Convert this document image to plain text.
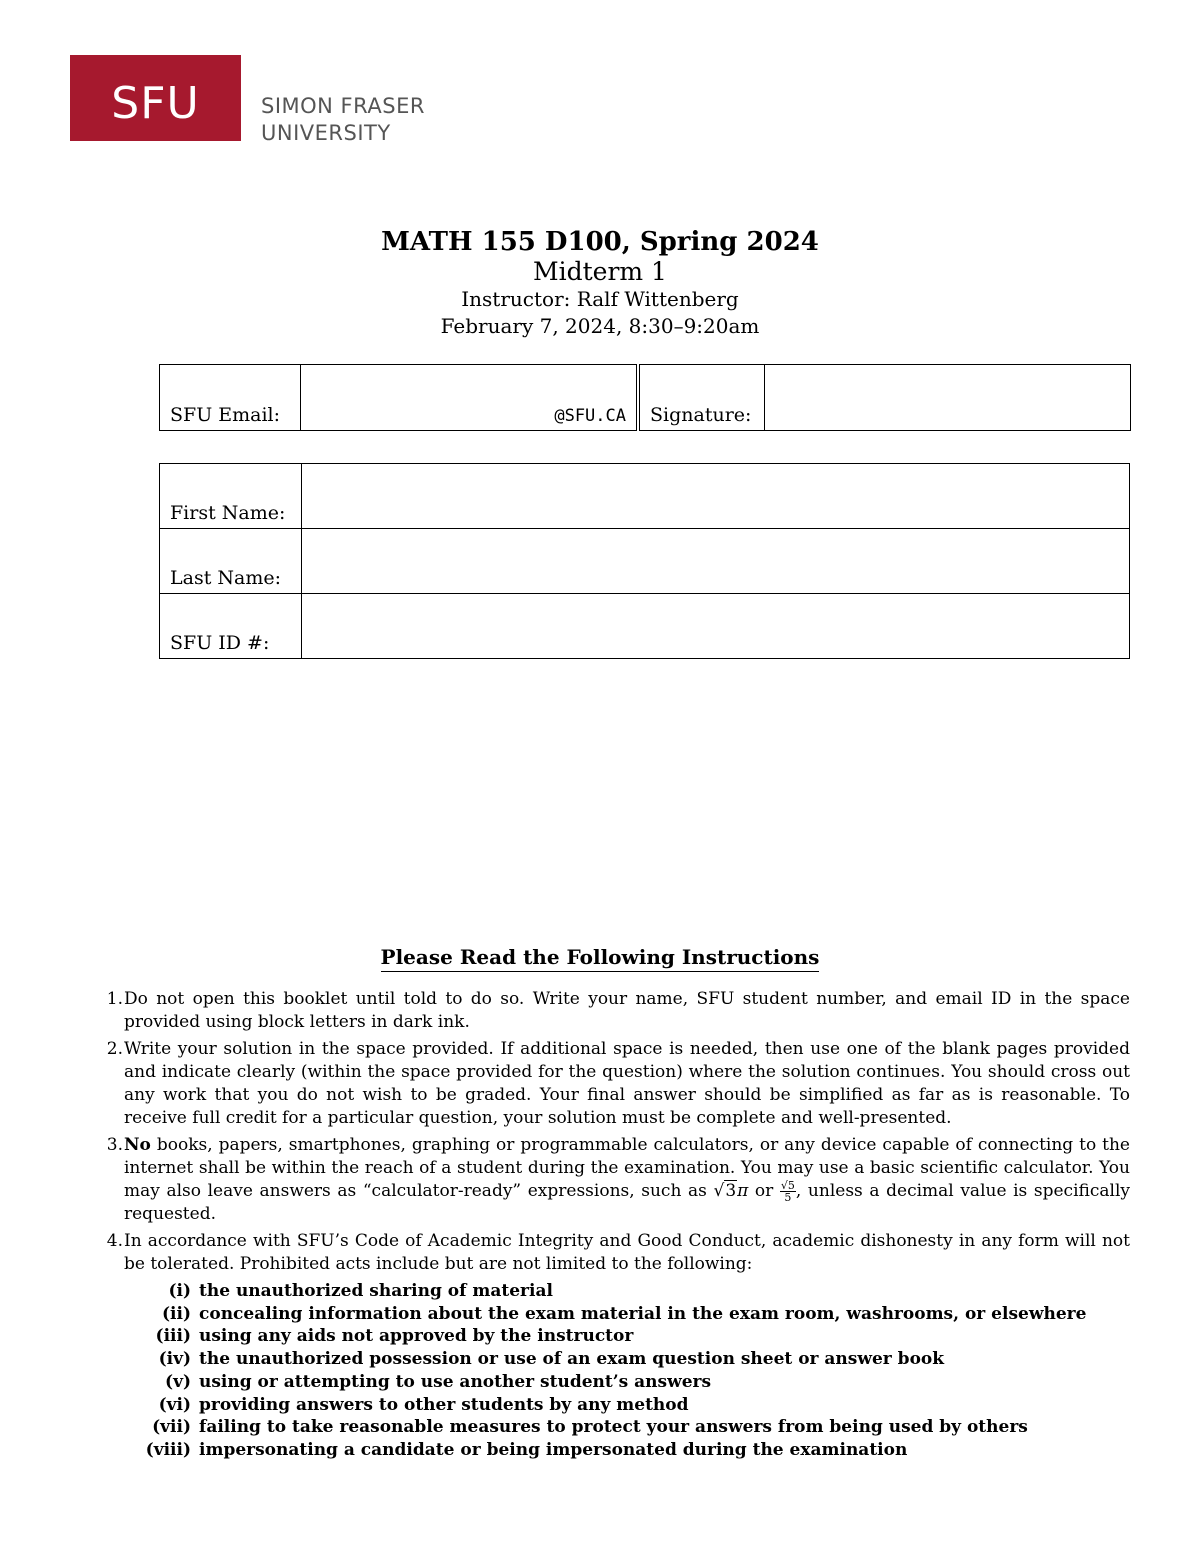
SFU	SIMON FRASER
UNIVERSITY
MATH 155 D100, Spring 2024
Midterm 1
Instructor: Ralf Wittenberg
February 7, 2024, 8:30–9:20am
SFU Email:	@SFU.CA	Signature:	
First Name:	
Last Name:	
SFU ID #:	
Please Read the Following Instructions
1. Do not open this booklet until told to do so. Write your name, SFU student number, and email ID in the space provided using block letters in dark ink.
2. Write your solution in the space provided. If additional space is needed, then use one of the blank pages provided and indicate clearly (within the space provided for the question) where the solution continues. You should cross out any work that you do not wish to be graded. Your final answer should be simplified as far as is reasonable. To receive full credit for a particular question, your solution must be complete and well-presented.
3. No books, papers, smartphones, graphing or programmable calculators, or any device capable of connecting to the internet shall be within the reach of a student during the examination. You may use a basic scientific calculator. You may also leave answers as “calculator-ready” expressions, such as √3π or $\frac{√5}{5}$ , unless a decimal value is specifically requested.
4. In accordance with SFU’s Code of Academic Integrity and Good Conduct, academic dishonesty in any form will not be tolerated. Prohibited acts include but are not limited to the following:
(i) the unauthorized sharing of material
(ii) concealing information about the exam material in the exam room, washrooms, or elsewhere
(iii) using any aids not approved by the instructor
(iv) the unauthorized possession or use of an exam question sheet or answer book
(v) using or attempting to use another student’s answers
(vi) providing answers to other students by any method
(vii) failing to take reasonable measures to protect your answers from being used by others
(viii) impersonating a candidate or being impersonated during the examination
